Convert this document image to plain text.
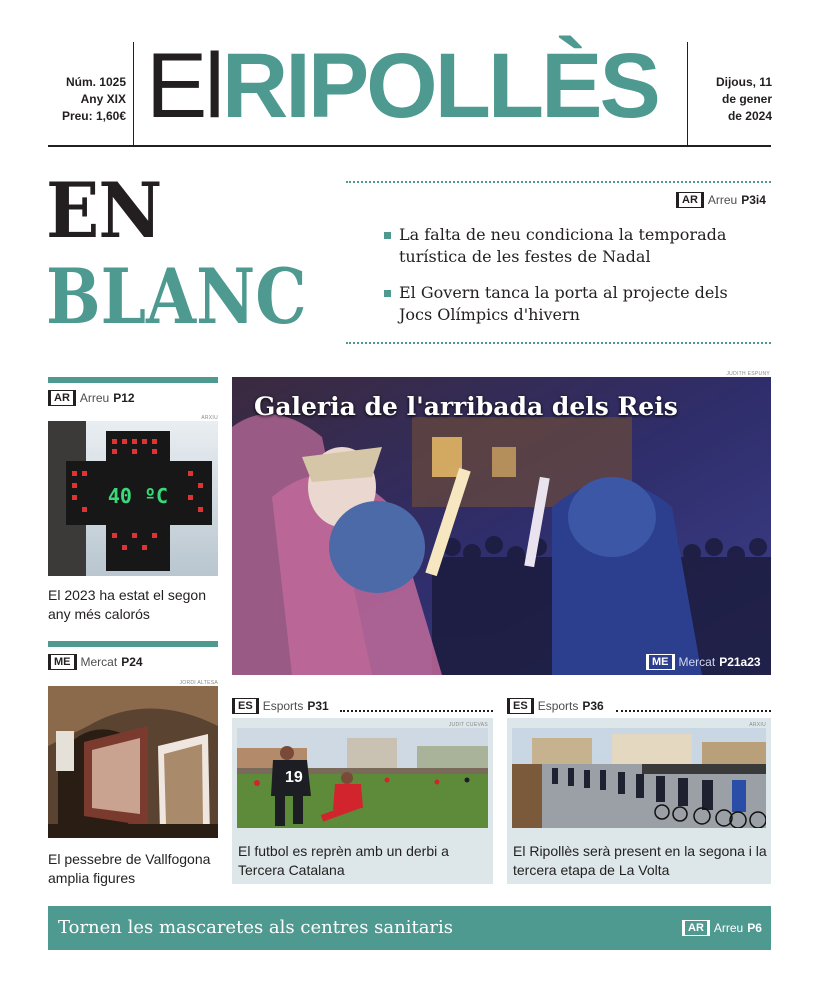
Núm. 1025
Any XIX
Preu: 1,60€ ElRIPOLLÈS	Dijous, 11
de gener
de 2024
EN
BLANC
AR Arreu P3i4
La falta de neu condiciona la temporada turística de les festes de Nadal
El Govern tanca la porta al projecte dels Jocs Olímpics d'hivern
AR Arreu P12
ARXIU
40 ºC
El 2023 ha estat el segon any més calorós
ME Mercat P24
JORDI ALTESA
El pessebre de Vallfogona amplia figures
JUDITH ESPUNY
Galeria de l'arribada dels Reis
ME Mercat P21a23
ES Esports P31
JUDIT CUEVAS
19
El futbol es reprèn amb un derbi a Tercera Catalana
ES Esports P36
ARXIU
El Ripollès serà present en la segona i la tercera etapa de La Volta
Tornen les mascaretes als centres sanitaris	AR Arreu P6
